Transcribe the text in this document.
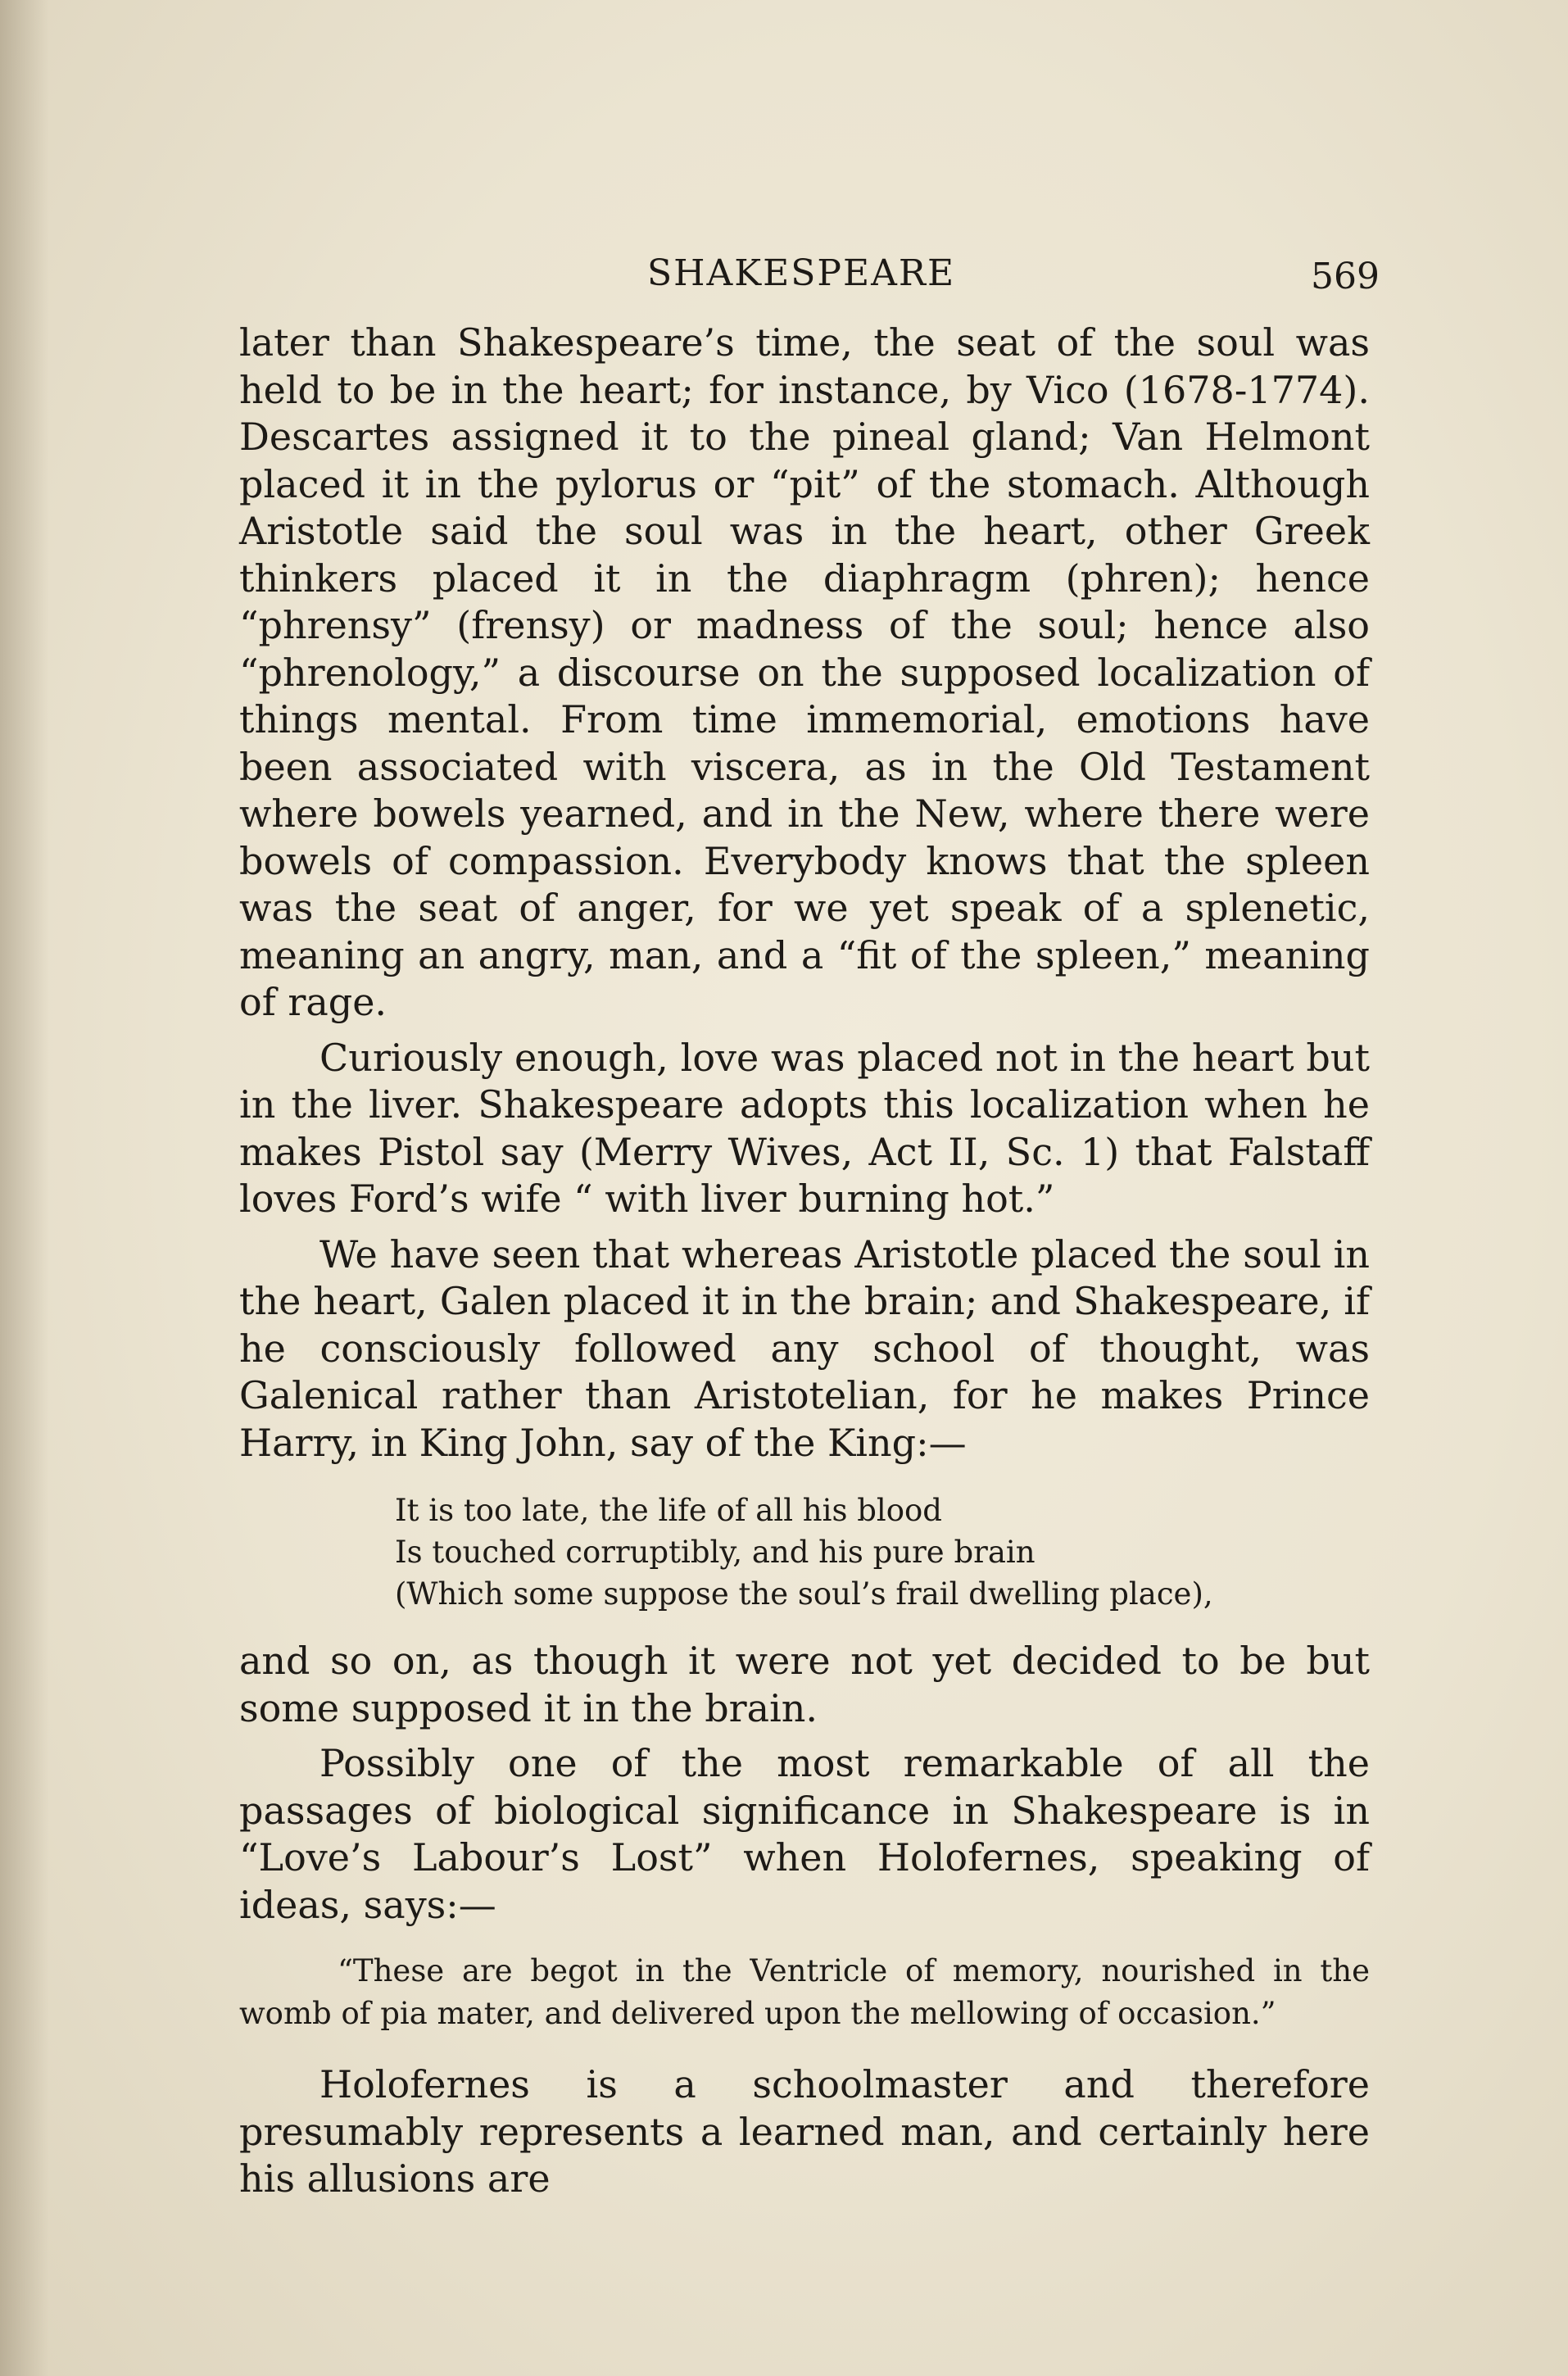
SHAKESPEARE	569

later than Shakespeare’s time, the seat of the soul was held to be in the heart; for instance, by Vico (1678-1774). Descartes assigned it to the pineal gland; Van Helmont placed it in the pylorus or “pit” of the stomach. Although Aristotle said the soul was in the heart, other Greek thinkers placed it in the diaphragm (phren); hence “phrensy” (frensy) or madness of the soul; hence also “phrenology,” a discourse on the supposed localization of things mental. From time immemorial, emotions have been associated with viscera, as in the Old Testament where bowels yearned, and in the New, where there were bowels of compassion. Everybody knows that the spleen was the seat of anger, for we yet speak of a splenetic, meaning an angry, man, and a “fit of the spleen,” meaning of rage.

Curiously enough, love was placed not in the heart but in the liver. Shakespeare adopts this localization when he makes Pistol say (Merry Wives, Act II, Sc. 1) that Falstaff loves Ford’s wife “ with liver burning hot.”

We have seen that whereas Aristotle placed the soul in the heart, Galen placed it in the brain; and Shakespeare, if he consciously followed any school of thought, was Galenical rather than Aristotelian, for he makes Prince Harry, in King John, say of the King:—

It is too late, the life of all his blood
Is touched corruptibly, and his pure brain
(Which some suppose the soul’s frail dwelling place),

and so on, as though it were not yet decided to be but some supposed it in the brain.

Possibly one of the most remarkable of all the passages of biological significance in Shakespeare is in “Love’s Labour’s Lost” when Holofernes, speaking of ideas, says:—

“These are begot in the Ventricle of memory, nourished in the womb of pia mater, and delivered upon the mellowing of occasion.”

Holofernes is a schoolmaster and therefore presumably represents a learned man, and certainly here his allusions are
